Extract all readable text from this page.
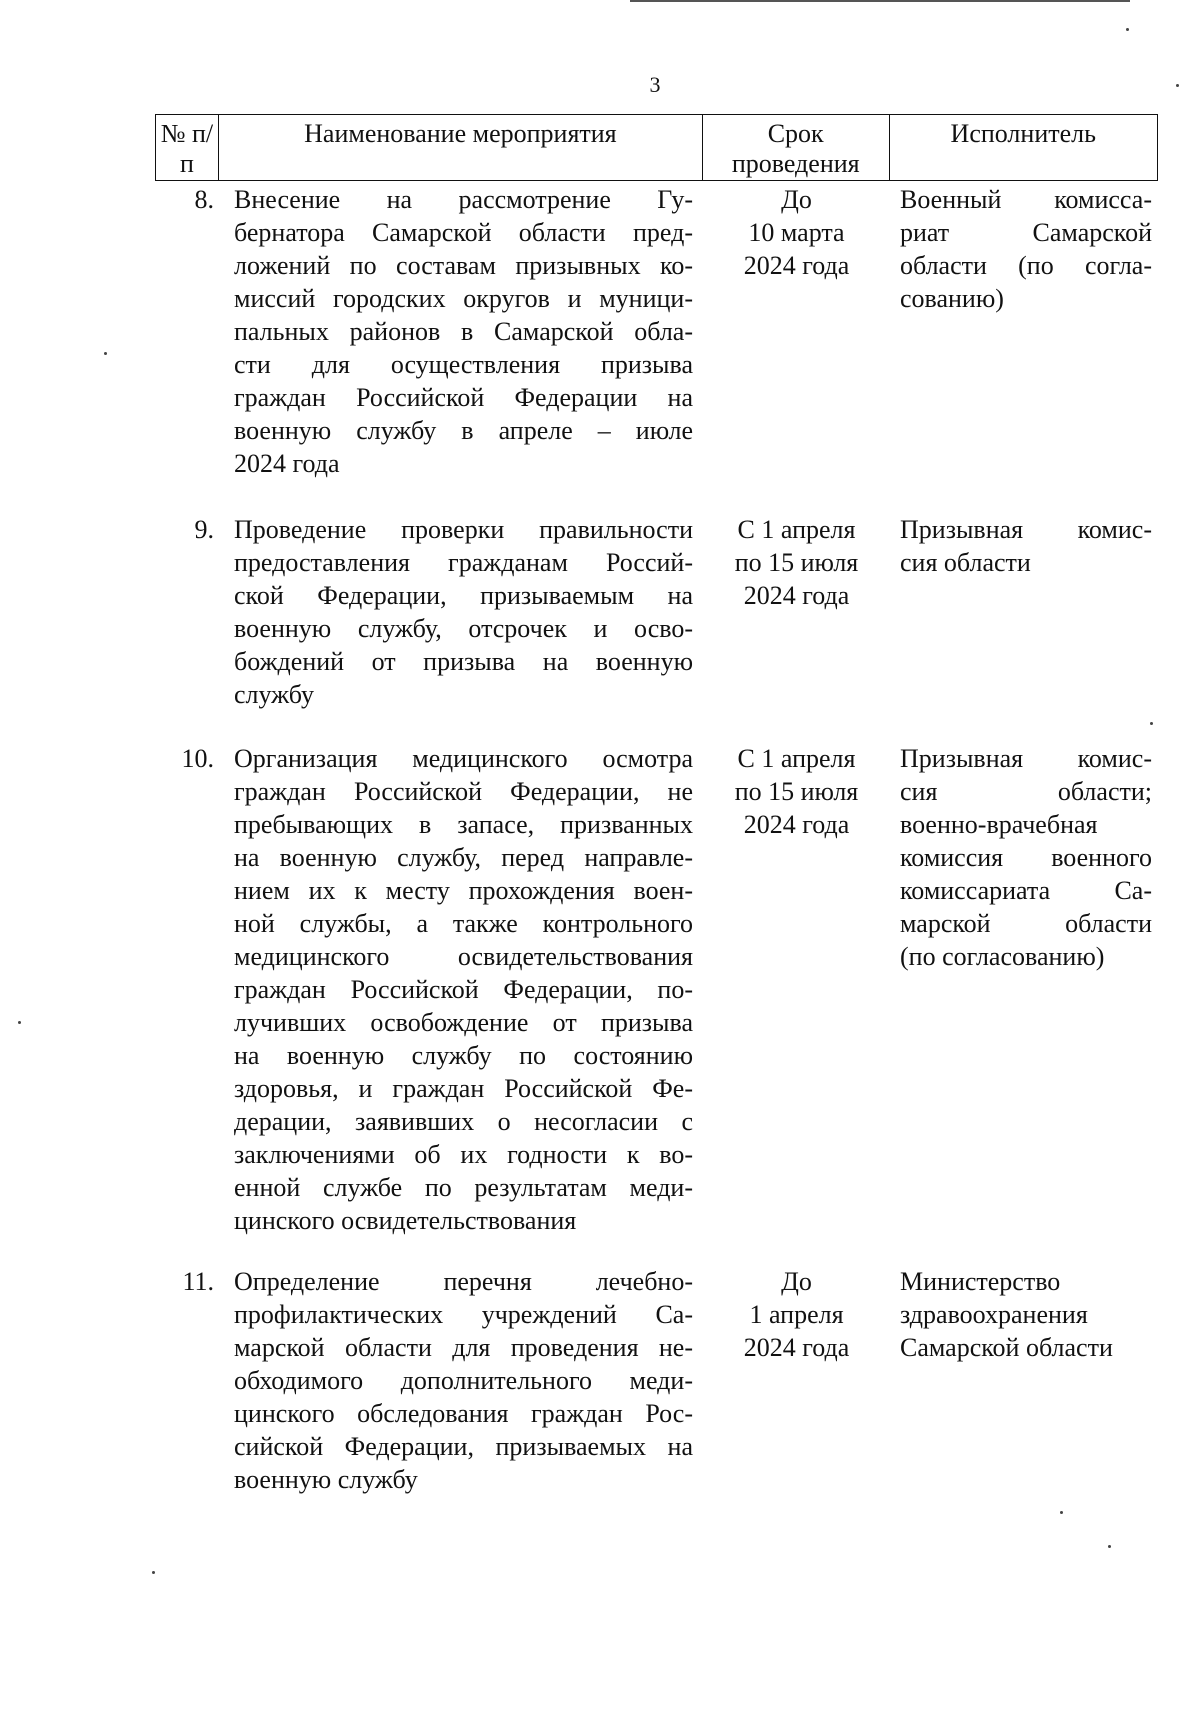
3
№ п/п
Наименование мероприятия	Срок проведения
Исполнитель
8. Внесение на рассмотрение Гу-
бернатора Самарской области пред-
ложений по составам призывных ко-
миссий городских округов и муници-
пальных районов в Самарской обла-
сти для осуществления призыва
граждан Российской Федерации на
военную службу в апреле – июле
2024 года
До
10 марта
2024 года
Военный комисса-
риат Самарской
области (по согла-
сованию)
9. Проведение проверки правильности
предоставления гражданам Россий-
ской Федерации, призываемым на
военную службу, отсрочек и осво-
бождений от призыва на военную
службу
С 1 апреля
по 15 июля
2024 года
Призывная комис-
сия области
10. Организация медицинского осмотра
граждан Российской Федерации, не
пребывающих в запасе, призванных
на военную службу, перед направле-
нием их к месту прохождения воен-
ной службы, а также контрольного
медицинского освидетельствования
граждан Российской Федерации, по-
лучивших освобождение от призыва
на военную службу по состоянию
здоровья, и граждан Российской Фе-
дерации, заявивших о несогласии с
заключениями об их годности к во-
енной службе по результатам меди-
цинского освидетельствования
С 1 апреля
по 15 июля
2024 года
Призывная комис-
сия области;
военно-врачебная
комиссия военного
комиссариата Са-
марской области
(по согласованию)
11. Определение перечня лечебно-
профилактических учреждений Са-
марской области для проведения не-
обходимого дополнительного меди-
цинского обследования граждан Рос-
сийской Федерации, призываемых на
военную службу
До
1 апреля
2024 года
Министерство
здравоохранения
Самарской области
